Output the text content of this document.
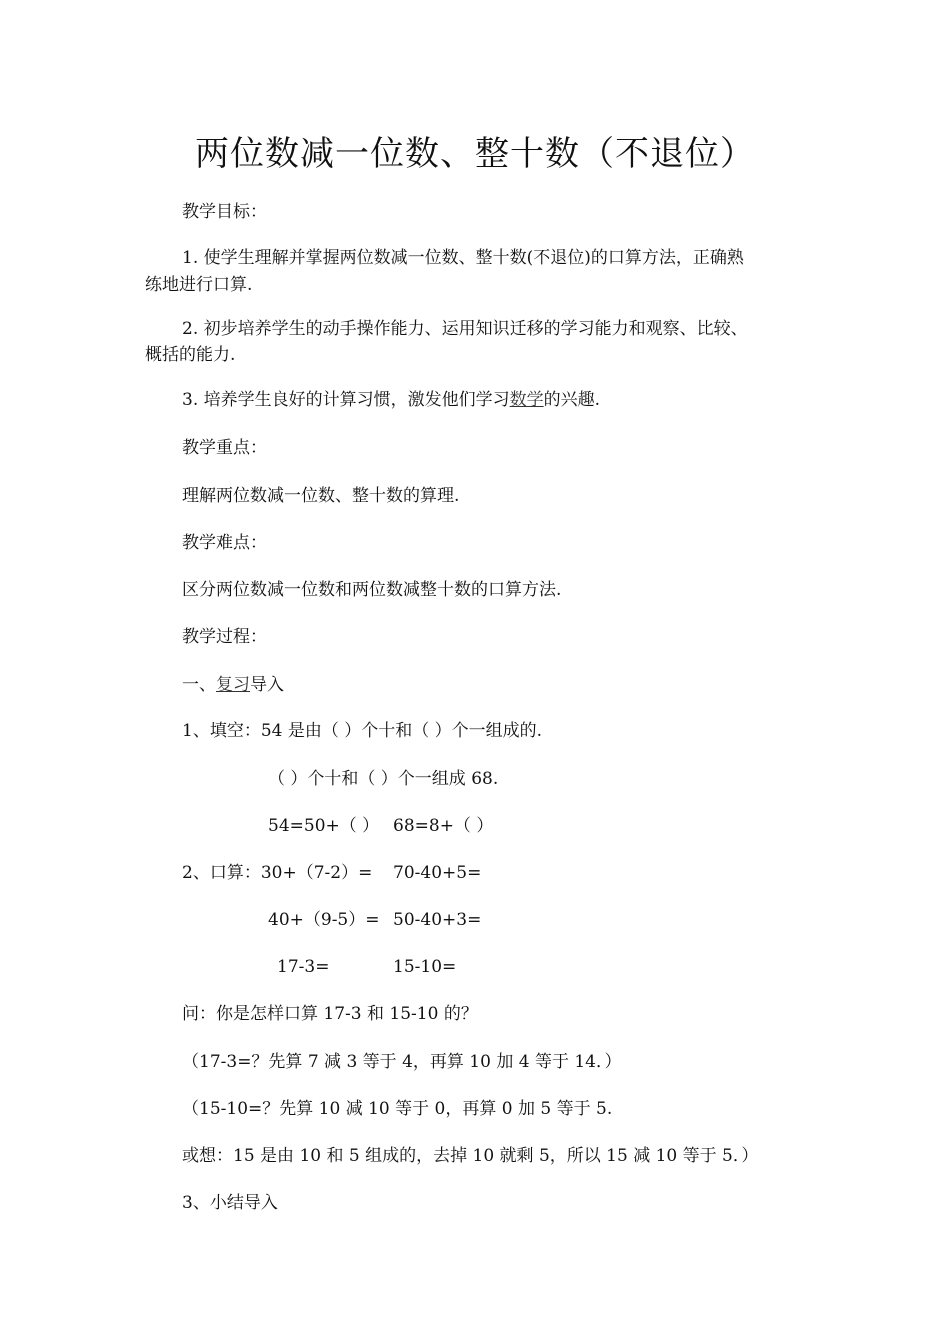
两位数减一位数、整十数（不退位）
教学目标：
1. 使学生理解并掌握两位数减一位数、整十数(不退位)的口算方法，正确熟
练地进行口算.
2. 初步培养学生的动手操作能力、运用知识迁移的学习能力和观察、比较、
概括的能力.
3. 培养学生良好的计算习惯，激发他们学习数学的兴趣.
教学重点：
理解两位数减一位数、整十数的算理.
教学难点：
区分两位数减一位数和两位数减整十数的口算方法.
教学过程：
一、复习导入
1、填空：54 是由（ ）个十和（ ）个一组成的.
（ ）个十和（ ）个一组成 68.
54=50+（ ） 68=8+（ ）
2、口算：30+（7-2）= 70-40+5=
40+（9-5）= 50-40+3=
17-3=	15-10=
问：你是怎样口算 17-3 和 15-10 的？
（17-3=？先算 7 减 3 等于 4，再算 10 加 4 等于 14．）
（15-10=？先算 10 减 10 等于 0，再算 0 加 5 等于 5.
或想：15 是由 10 和 5 组成的，去掉 10 就剩 5，所以 15 减 10 等于 5．）
3、小结导入
